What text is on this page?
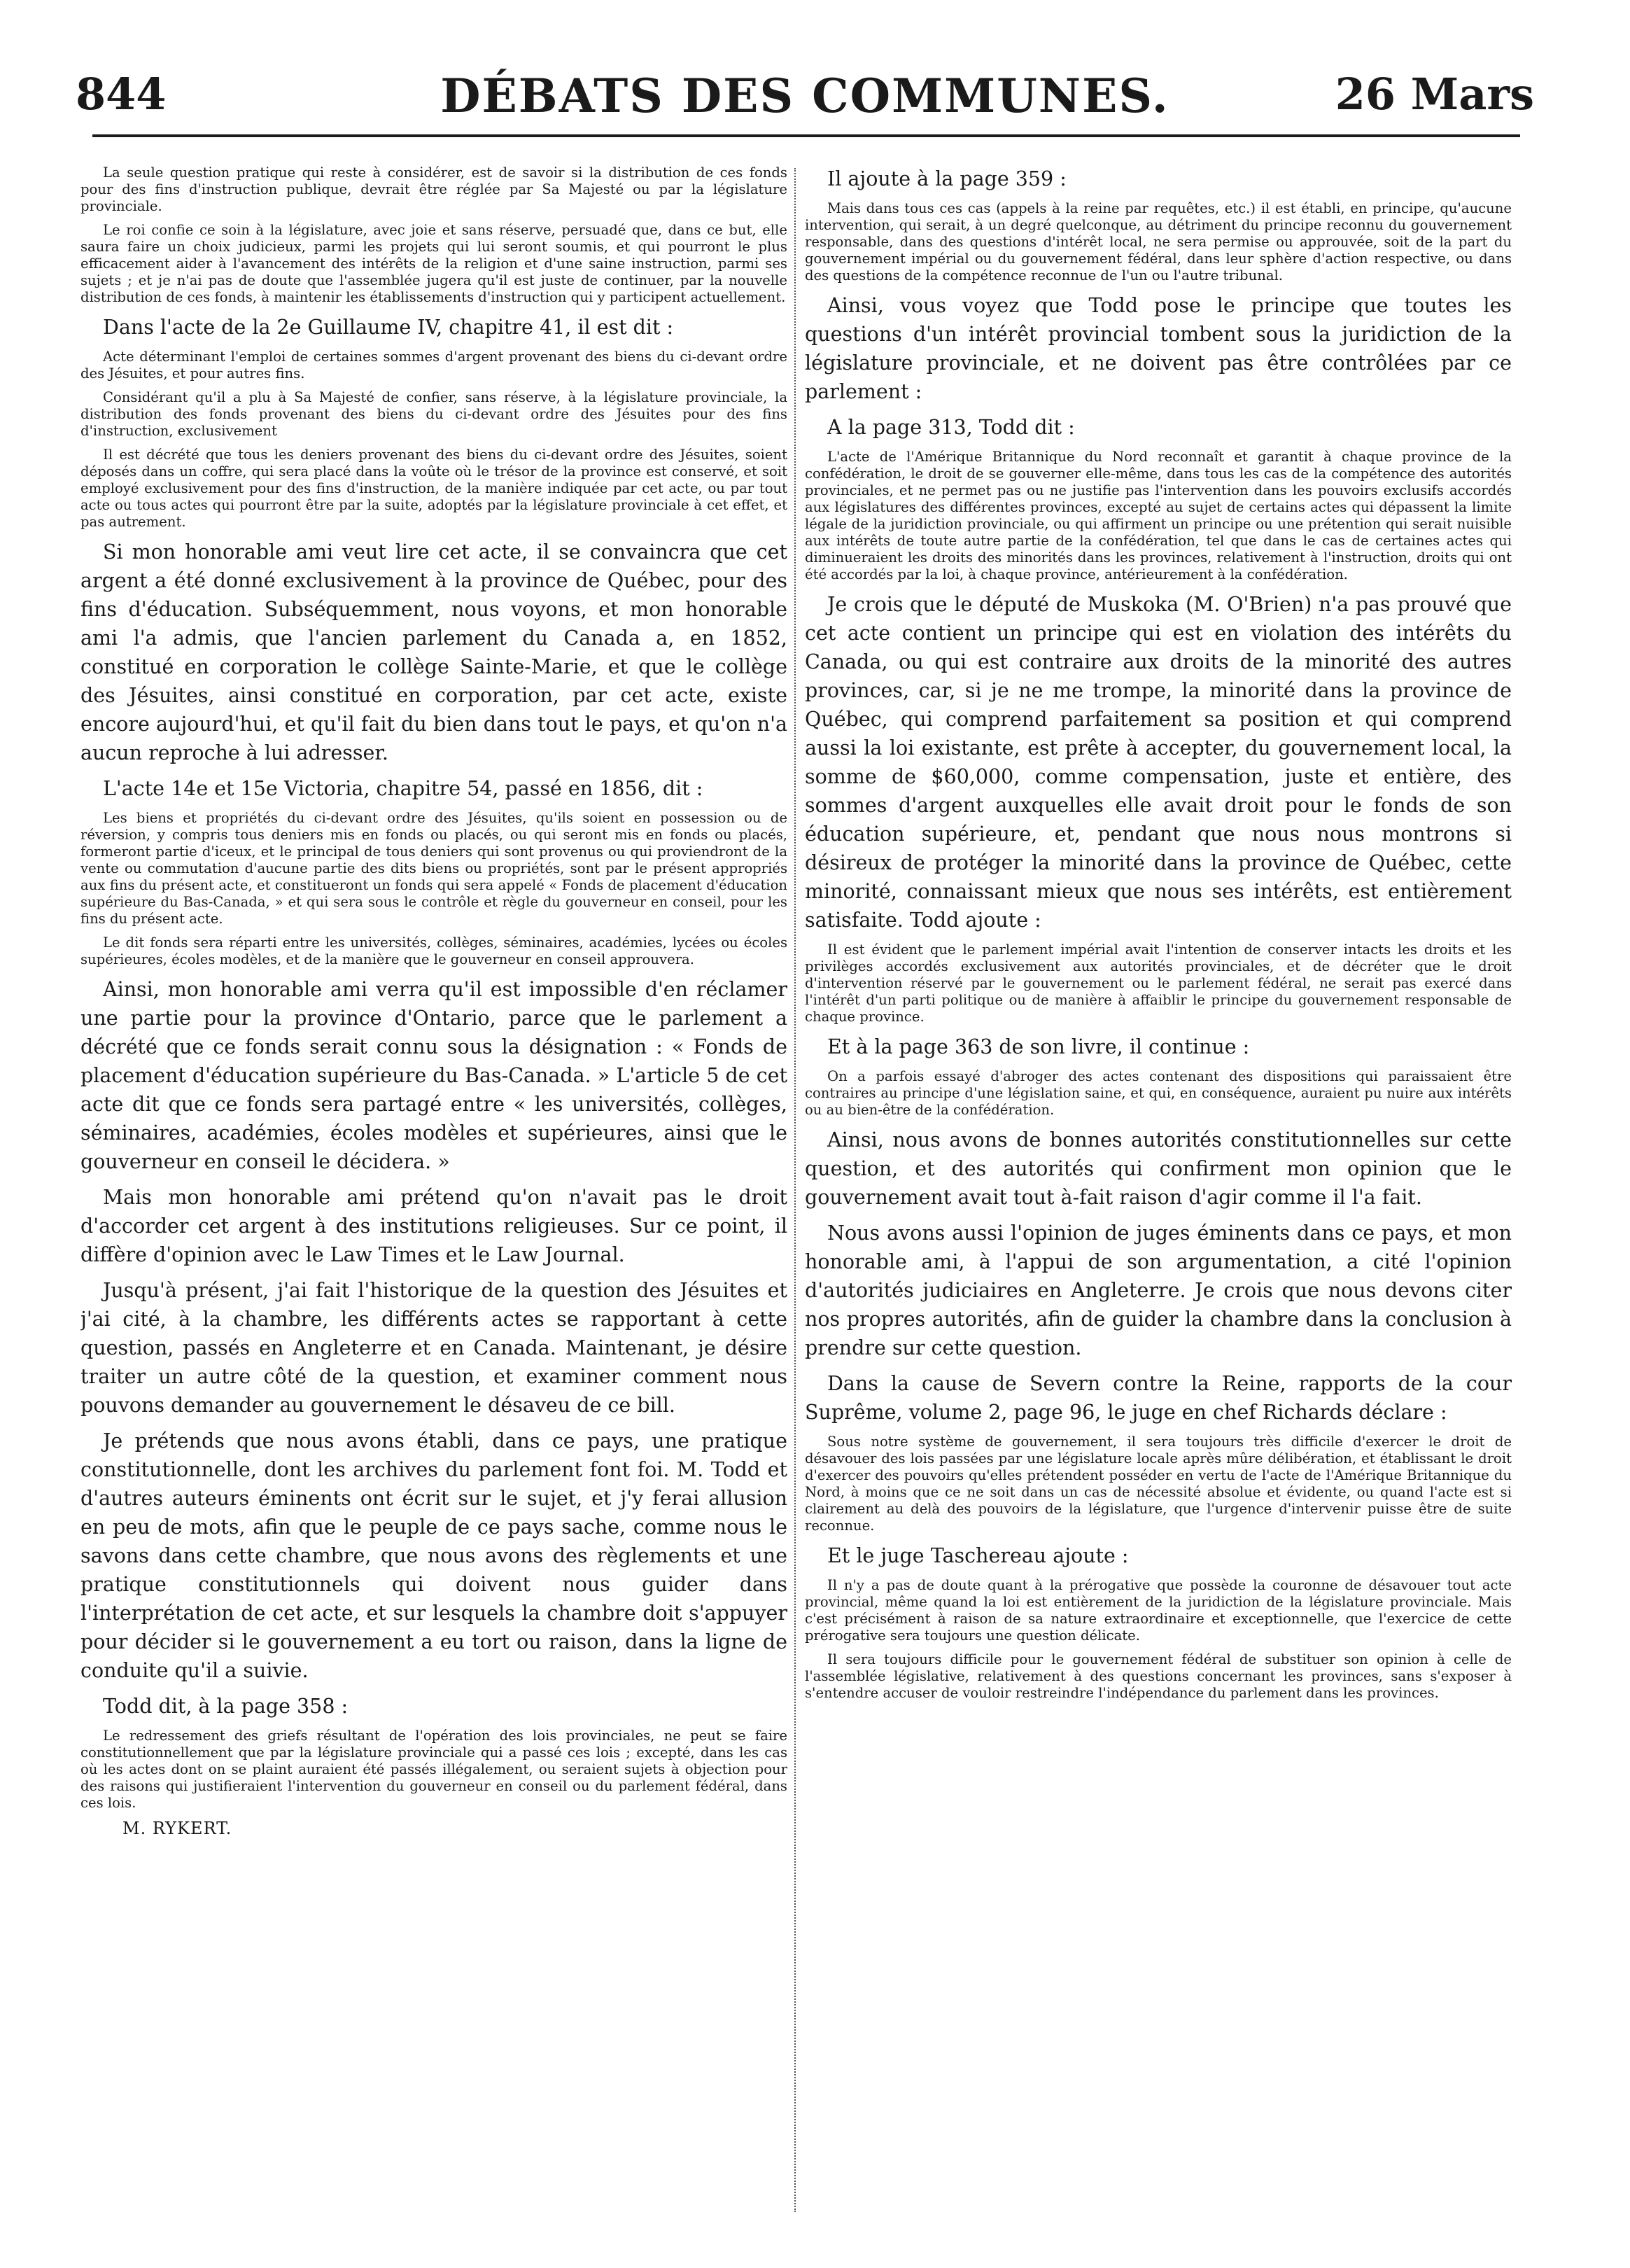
844	DÉBATS DES COMMUNES.	26 Mars

La seule question pratique qui reste à considérer, est de savoir si la distribution de ces fonds pour des fins d'instruction publique, devrait être réglée par Sa Majesté ou par la législature provinciale.

Le roi confie ce soin à la législature, avec joie et sans réserve, persuadé que, dans ce but, elle saura faire un choix judicieux, parmi les projets qui lui seront soumis, et qui pourront le plus efficacement aider à l'avancement des intérêts de la religion et d'une saine instruction, parmi ses sujets ; et je n'ai pas de doute que l'assemblée jugera qu'il est juste de continuer, par la nouvelle distribution de ces fonds, à maintenir les établissements d'instruction qui y participent actuellement.

Dans l'acte de la 2e Guillaume IV, chapitre 41, il est dit :

Acte déterminant l'emploi de certaines sommes d'argent provenant des biens du ci-devant ordre des Jésuites, et pour autres fins.

Considérant qu'il a plu à Sa Majesté de confier, sans réserve, à la législature provinciale, la distribution des fonds provenant des biens du ci-devant ordre des Jésuites pour des fins d'instruction, exclusivement

Il est décrété que tous les deniers provenant des biens du ci-devant ordre des Jésuites, soient déposés dans un coffre, qui sera placé dans la voûte où le trésor de la province est conservé, et soit employé exclusivement pour des fins d'instruction, de la manière indiquée par cet acte, ou par tout acte ou tous actes qui pourront être par la suite, adoptés par la législature provinciale à cet effet, et pas autrement.

Si mon honorable ami veut lire cet acte, il se convaincra que cet argent a été donné exclusivement à la province de Québec, pour des fins d'éducation. Subséquemment, nous voyons, et mon honorable ami l'a admis, que l'ancien parlement du Canada a, en 1852, constitué en corporation le collège Sainte-Marie, et que le collège des Jésuites, ainsi constitué en corporation, par cet acte, existe encore aujourd'hui, et qu'il fait du bien dans tout le pays, et qu'on n'a aucun reproche à lui adresser.

L'acte 14e et 15e Victoria, chapitre 54, passé en 1856, dit :

Les biens et propriétés du ci-devant ordre des Jésuites, qu'ils soient en possession ou de réversion, y compris tous deniers mis en fonds ou placés, ou qui seront mis en fonds ou placés, formeront partie d'iceux, et le principal de tous deniers qui sont provenus ou qui proviendront de la vente ou commutation d'aucune partie des dits biens ou propriétés, sont par le présent appropriés aux fins du présent acte, et constitueront un fonds qui sera appelé « Fonds de placement d'éducation supérieure du Bas-Canada, » et qui sera sous le contrôle et règle du gouverneur en conseil, pour les fins du présent acte.

Le dit fonds sera réparti entre les universités, collèges, séminaires, académies, lycées ou écoles supérieures, écoles modèles, et de la manière que le gouverneur en conseil approuvera.

Ainsi, mon honorable ami verra qu'il est impossible d'en réclamer une partie pour la province d'Ontario, parce que le parlement a décrété que ce fonds serait connu sous la désignation : « Fonds de placement d'éducation supérieure du Bas-Canada. » L'article 5 de cet acte dit que ce fonds sera partagé entre « les universités, collèges, séminaires, académies, écoles modèles et supérieures, ainsi que le gouverneur en conseil le décidera. »

Mais mon honorable ami prétend qu'on n'avait pas le droit d'accorder cet argent à des institutions religieuses. Sur ce point, il diffère d'opinion avec le Law Times et le Law Journal.

Jusqu'à présent, j'ai fait l'historique de la question des Jésuites et j'ai cité, à la chambre, les différents actes se rapportant à cette question, passés en Angleterre et en Canada. Maintenant, je désire traiter un autre côté de la question, et examiner comment nous pouvons demander au gouvernement le désaveu de ce bill.

Je prétends que nous avons établi, dans ce pays, une pratique constitutionnelle, dont les archives du parlement font foi. M. Todd et d'autres auteurs éminents ont écrit sur le sujet, et j'y ferai allusion en peu de mots, afin que le peuple de ce pays sache, comme nous le savons dans cette chambre, que nous avons des règlements et une pratique constitutionnels qui doivent nous guider dans l'interprétation de cet acte, et sur lesquels la chambre doit s'appuyer pour décider si le gouvernement a eu tort ou raison, dans la ligne de conduite qu'il a suivie.

Todd dit, à la page 358 :

Le redressement des griefs résultant de l'opération des lois provinciales, ne peut se faire constitutionnellement que par la législature provinciale qui a passé ces lois ; excepté, dans les cas où les actes dont on se plaint auraient été passés illégalement, ou seraient sujets à objection pour des raisons qui justifieraient l'intervention du gouverneur en conseil ou du parlement fédéral, dans ces lois.

M. RYKERT.

Il ajoute à la page 359 :

Mais dans tous ces cas (appels à la reine par requêtes, etc.) il est établi, en principe, qu'aucune intervention, qui serait, à un degré quelconque, au détriment du principe reconnu du gouvernement responsable, dans des questions d'intérêt local, ne sera permise ou approuvée, soit de la part du gouvernement impérial ou du gouvernement fédéral, dans leur sphère d'action respective, ou dans des questions de la compétence reconnue de l'un ou l'autre tribunal.

Ainsi, vous voyez que Todd pose le principe que toutes les questions d'un intérêt provincial tombent sous la juridiction de la législature provinciale, et ne doivent pas être contrôlées par ce parlement :

A la page 313, Todd dit :

L'acte de l'Amérique Britannique du Nord reconnaît et garantit à chaque province de la confédération, le droit de se gouverner elle-même, dans tous les cas de la compétence des autorités provinciales, et ne permet pas ou ne justifie pas l'intervention dans les pouvoirs exclusifs accordés aux législatures des différentes provinces, excepté au sujet de certains actes qui dépassent la limite légale de la juridiction provinciale, ou qui affirment un principe ou une prétention qui serait nuisible aux intérêts de toute autre partie de la confédération, tel que dans le cas de certaines actes qui diminueraient les droits des minorités dans les provinces, relativement à l'instruction, droits qui ont été accordés par la loi, à chaque province, antérieurement à la confédération.

Je crois que le député de Muskoka (M. O'Brien) n'a pas prouvé que cet acte contient un principe qui est en violation des intérêts du Canada, ou qui est contraire aux droits de la minorité des autres provinces, car, si je ne me trompe, la minorité dans la province de Québec, qui comprend parfaitement sa position et qui comprend aussi la loi existante, est prête à accepter, du gouvernement local, la somme de $60,000, comme compensation, juste et entière, des sommes d'argent auxquelles elle avait droit pour le fonds de son éducation supérieure, et, pendant que nous nous montrons si désireux de protéger la minorité dans la province de Québec, cette minorité, connaissant mieux que nous ses intérêts, est entièrement satisfaite. Todd ajoute :

Il est évident que le parlement impérial avait l'intention de conserver intacts les droits et les privilèges accordés exclusivement aux autorités provinciales, et de décréter que le droit d'intervention réservé par le gouvernement ou le parlement fédéral, ne serait pas exercé dans l'intérêt d'un parti politique ou de manière à affaiblir le principe du gouvernement responsable de chaque province.

Et à la page 363 de son livre, il continue :

On a parfois essayé d'abroger des actes contenant des dispositions qui paraissaient être contraires au principe d'une législation saine, et qui, en conséquence, auraient pu nuire aux intérêts ou au bien-être de la confédération.

Ainsi, nous avons de bonnes autorités constitutionnelles sur cette question, et des autorités qui confirment mon opinion que le gouvernement avait tout à-fait raison d'agir comme il l'a fait.

Nous avons aussi l'opinion de juges éminents dans ce pays, et mon honorable ami, à l'appui de son argumentation, a cité l'opinion d'autorités judiciaires en Angleterre. Je crois que nous devons citer nos propres autorités, afin de guider la chambre dans la conclusion à prendre sur cette question.

Dans la cause de Severn contre la Reine, rapports de la cour Suprême, volume 2, page 96, le juge en chef Richards déclare :

Sous notre système de gouvernement, il sera toujours très difficile d'exercer le droit de désavouer des lois passées par une législature locale après mûre délibération, et établissant le droit d'exercer des pouvoirs qu'elles prétendent posséder en vertu de l'acte de l'Amérique Britannique du Nord, à moins que ce ne soit dans un cas de nécessité absolue et évidente, ou quand l'acte est si clairement au delà des pouvoirs de la législature, que l'urgence d'intervenir puisse être de suite reconnue.

Et le juge Taschereau ajoute :

Il n'y a pas de doute quant à la prérogative que possède la couronne de désavouer tout acte provincial, même quand la loi est entièrement de la juridiction de la législature provinciale. Mais c'est précisément à raison de sa nature extraordinaire et exceptionnelle, que l'exercice de cette prérogative sera toujours une question délicate.

Il sera toujours difficile pour le gouvernement fédéral de substituer son opinion à celle de l'assemblée législative, relativement à des questions concernant les provinces, sans s'exposer à s'entendre accuser de vouloir restreindre l'indépendance du parlement dans les provinces.
